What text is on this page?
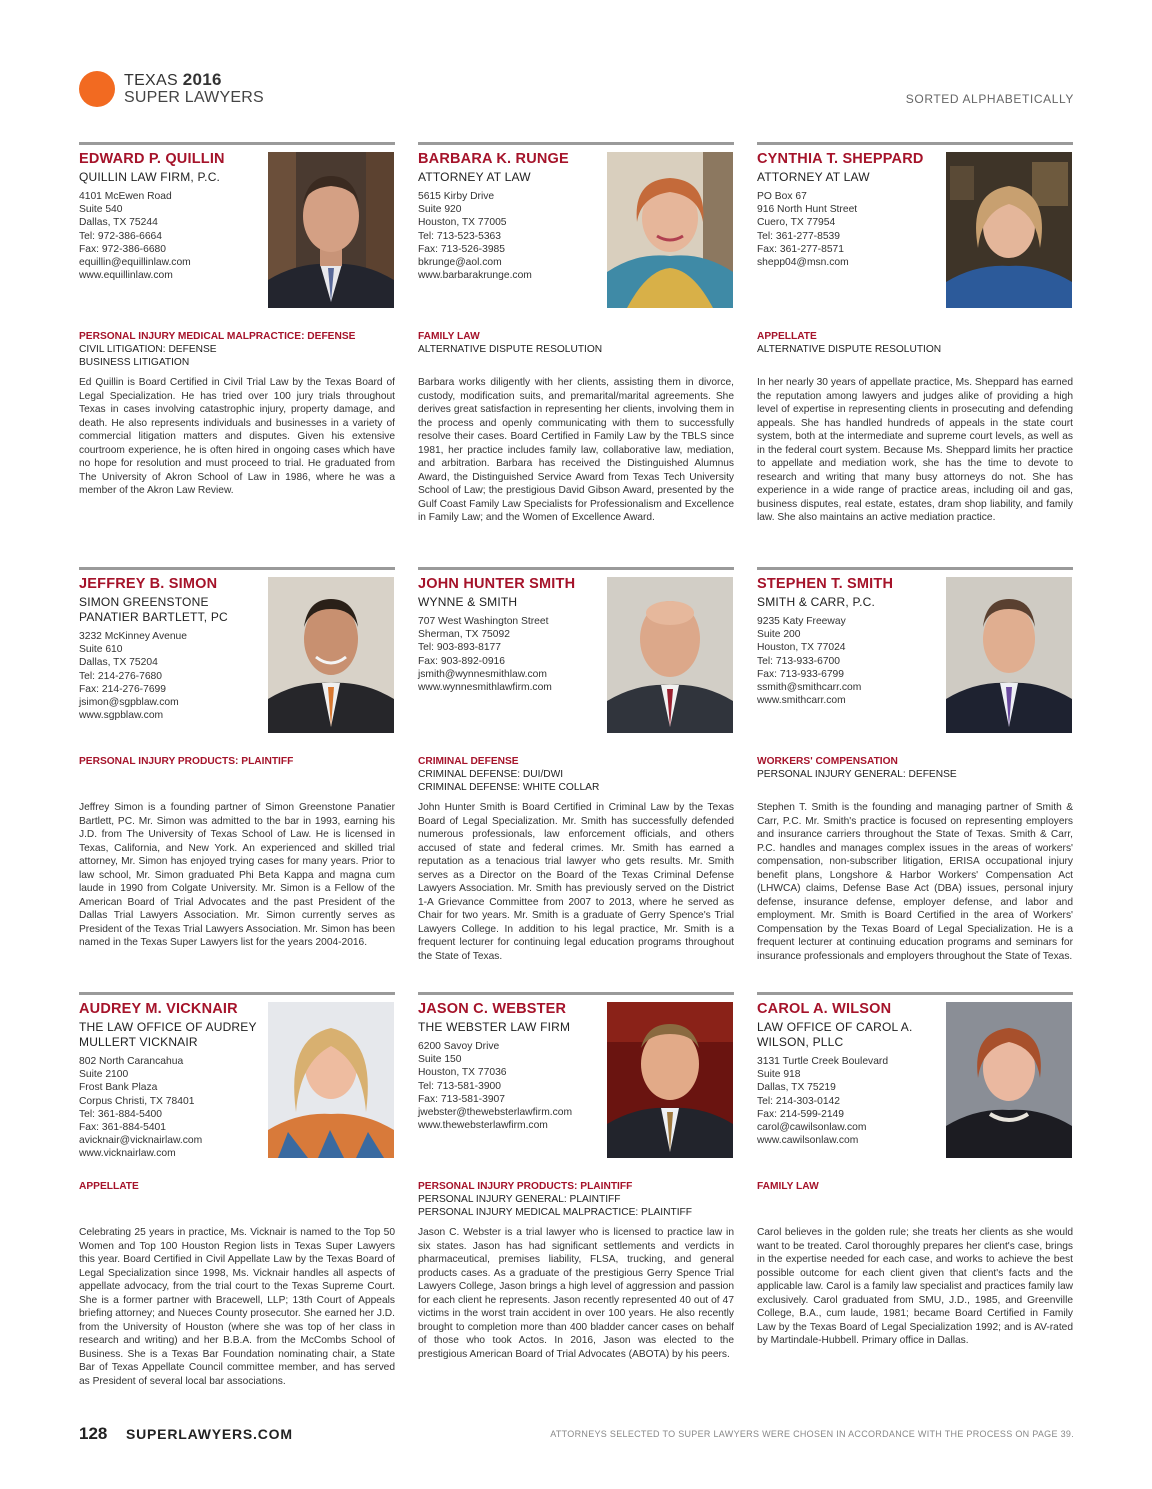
TEXAS 2016
SUPER LAWYERS	SORTED ALPHABETICALLY
EDWARD P. QUILLIN
QUILLIN LAW FIRM, P.C.
4101 McEwen Road
Suite 540
Dallas, TX 75244
Tel: 972-386-6664
Fax: 972-386-6680
equillin@equillinlaw.com
www.equillinlaw.com
PERSONAL INJURY MEDICAL MALPRACTICE: DEFENSE
CIVIL LITIGATION: DEFENSE
BUSINESS LITIGATION
Ed Quillin is Board Certified in Civil Trial Law by the Texas Board of Legal Specialization. He has tried over 100 jury trials throughout Texas in cases involving catastrophic injury, property damage, and death. He also represents individuals and businesses in a variety of commercial litigation matters and disputes. Given his extensive courtroom experience, he is often hired in ongoing cases which have no hope for resolution and must proceed to trial. He graduated from The University of Akron School of Law in 1986, where he was a member of the Akron Law Review.
BARBARA K. RUNGE
ATTORNEY AT LAW
5615 Kirby Drive
Suite 920
Houston, TX 77005
Tel: 713-523-5363
Fax: 713-526-3985
bkrunge@aol.com
www.barbarakrunge.com
FAMILY LAW
ALTERNATIVE DISPUTE RESOLUTION
Barbara works diligently with her clients, assisting them in divorce, custody, modification suits, and premarital/marital agreements. She derives great satisfaction in representing her clients, involving them in the process and openly communicating with them to successfully resolve their cases. Board Certified in Family Law by the TBLS since 1981, her practice includes family law, collaborative law, mediation, and arbitration. Barbara has received the Distinguished Alumnus Award, the Distinguished Service Award from Texas Tech University School of Law; the prestigious David Gibson Award, presented by the Gulf Coast Family Law Specialists for Professionalism and Excellence in Family Law; and the Women of Excellence Award.
CYNTHIA T. SHEPPARD
ATTORNEY AT LAW
PO Box 67
916 North Hunt Street
Cuero, TX 77954
Tel: 361-277-8539
Fax: 361-277-8571
shepp04@msn.com
APPELLATE
ALTERNATIVE DISPUTE RESOLUTION
In her nearly 30 years of appellate practice, Ms. Sheppard has earned the reputation among lawyers and judges alike of providing a high level of expertise in representing clients in prosecuting and defending appeals. She has handled hundreds of appeals in the state court system, both at the intermediate and supreme court levels, as well as in the federal court system. Because Ms. Sheppard limits her practice to appellate and mediation work, she has the time to devote to research and writing that many busy attorneys do not. She has experience in a wide range of practice areas, including oil and gas, business disputes, real estate, estates, dram shop liability, and family law. She also maintains an active mediation practice.
JEFFREY B. SIMON
SIMON GREENSTONE PANATIER BARTLETT, PC
3232 McKinney Avenue
Suite 610
Dallas, TX 75204
Tel: 214-276-7680
Fax: 214-276-7699
jsimon@sgpblaw.com
www.sgpblaw.com
PERSONAL INJURY PRODUCTS: PLAINTIFF
Jeffrey Simon is a founding partner of Simon Greenstone Panatier Bartlett, PC. Mr. Simon was admitted to the bar in 1993, earning his J.D. from The University of Texas School of Law. He is licensed in Texas, California, and New York. An experienced and skilled trial attorney, Mr. Simon has enjoyed trying cases for many years. Prior to law school, Mr. Simon graduated Phi Beta Kappa and magna cum laude in 1990 from Colgate University. Mr. Simon is a Fellow of the American Board of Trial Advocates and the past President of the Dallas Trial Lawyers Association. Mr. Simon currently serves as President of the Texas Trial Lawyers Association. Mr. Simon has been named in the Texas Super Lawyers list for the years 2004-2016.
JOHN HUNTER SMITH
WYNNE & SMITH
707 West Washington Street
Sherman, TX 75092
Tel: 903-893-8177
Fax: 903-892-0916
jsmith@wynnesmithlaw.com
www.wynnesmithlawfirm.com
CRIMINAL DEFENSE
CRIMINAL DEFENSE: DUI/DWI
CRIMINAL DEFENSE: WHITE COLLAR
John Hunter Smith is Board Certified in Criminal Law by the Texas Board of Legal Specialization. Mr. Smith has successfully defended numerous professionals, law enforcement officials, and others accused of state and federal crimes. Mr. Smith has earned a reputation as a tenacious trial lawyer who gets results. Mr. Smith serves as a Director on the Board of the Texas Criminal Defense Lawyers Association. Mr. Smith has previously served on the District 1-A Grievance Committee from 2007 to 2013, where he served as Chair for two years. Mr. Smith is a graduate of Gerry Spence's Trial Lawyers College. In addition to his legal practice, Mr. Smith is a frequent lecturer for continuing legal education programs throughout the State of Texas.
STEPHEN T. SMITH
SMITH & CARR, P.C.
9235 Katy Freeway
Suite 200
Houston, TX 77024
Tel: 713-933-6700
Fax: 713-933-6799
ssmith@smithcarr.com
www.smithcarr.com
WORKERS' COMPENSATION
PERSONAL INJURY GENERAL: DEFENSE
Stephen T. Smith is the founding and managing partner of Smith & Carr, P.C. Mr. Smith's practice is focused on representing employers and insurance carriers throughout the State of Texas. Smith & Carr, P.C. handles and manages complex issues in the areas of workers' compensation, non-subscriber litigation, ERISA occupational injury benefit plans, Longshore & Harbor Workers' Compensation Act (LHWCA) claims, Defense Base Act (DBA) issues, personal injury defense, insurance defense, employer defense, and labor and employment. Mr. Smith is Board Certified in the area of Workers' Compensation by the Texas Board of Legal Specialization. He is a frequent lecturer at continuing education programs and seminars for insurance professionals and employers throughout the State of Texas.
AUDREY M. VICKNAIR
THE LAW OFFICE OF AUDREY MULLERT VICKNAIR
802 North Carancahua
Suite 2100
Frost Bank Plaza
Corpus Christi, TX 78401
Tel: 361-884-5400
Fax: 361-884-5401
avicknair@vicknairlaw.com
www.vicknairlaw.com
APPELLATE
Celebrating 25 years in practice, Ms. Vicknair is named to the Top 50 Women and Top 100 Houston Region lists in Texas Super Lawyers this year. Board Certified in Civil Appellate Law by the Texas Board of Legal Specialization since 1998, Ms. Vicknair handles all aspects of appellate advocacy, from the trial court to the Texas Supreme Court. She is a former partner with Bracewell, LLP; 13th Court of Appeals briefing attorney; and Nueces County prosecutor. She earned her J.D. from the University of Houston (where she was top of her class in research and writing) and her B.B.A. from the McCombs School of Business. She is a Texas Bar Foundation nominating chair, a State Bar of Texas Appellate Council committee member, and has served as President of several local bar associations.
JASON C. WEBSTER
THE WEBSTER LAW FIRM
6200 Savoy Drive
Suite 150
Houston, TX 77036
Tel: 713-581-3900
Fax: 713-581-3907
jwebster@thewebsterlawfirm.com
www.thewebsterlawfirm.com
PERSONAL INJURY PRODUCTS: PLAINTIFF
PERSONAL INJURY GENERAL: PLAINTIFF
PERSONAL INJURY MEDICAL MALPRACTICE: PLAINTIFF
Jason C. Webster is a trial lawyer who is licensed to practice law in six states. Jason has had significant settlements and verdicts in pharmaceutical, premises liability, FLSA, trucking, and general products cases. As a graduate of the prestigious Gerry Spence Trial Lawyers College, Jason brings a high level of aggression and passion for each client he represents. Jason recently represented 40 out of 47 victims in the worst train accident in over 100 years. He also recently brought to completion more than 400 bladder cancer cases on behalf of those who took Actos. In 2016, Jason was elected to the prestigious American Board of Trial Advocates (ABOTA) by his peers.
CAROL A. WILSON
LAW OFFICE OF CAROL A. WILSON, PLLC
3131 Turtle Creek Boulevard
Suite 918
Dallas, TX 75219
Tel: 214-303-0142
Fax: 214-599-2149
carol@cawilsonlaw.com
www.cawilsonlaw.com
FAMILY LAW
Carol believes in the golden rule; she treats her clients as she would want to be treated. Carol thoroughly prepares her client's case, brings in the expertise needed for each case, and works to achieve the best possible outcome for each client given that client's facts and the applicable law. Carol is a family law specialist and practices family law exclusively. Carol graduated from SMU, J.D., 1985, and Greenville College, B.A., cum laude, 1981; became Board Certified in Family Law by the Texas Board of Legal Specialization 1992; and is AV-rated by Martindale-Hubbell. Primary office in Dallas.
128 SUPERLAWYERS.COM	ATTORNEYS SELECTED TO SUPER LAWYERS WERE CHOSEN IN ACCORDANCE WITH THE PROCESS ON PAGE 39.
